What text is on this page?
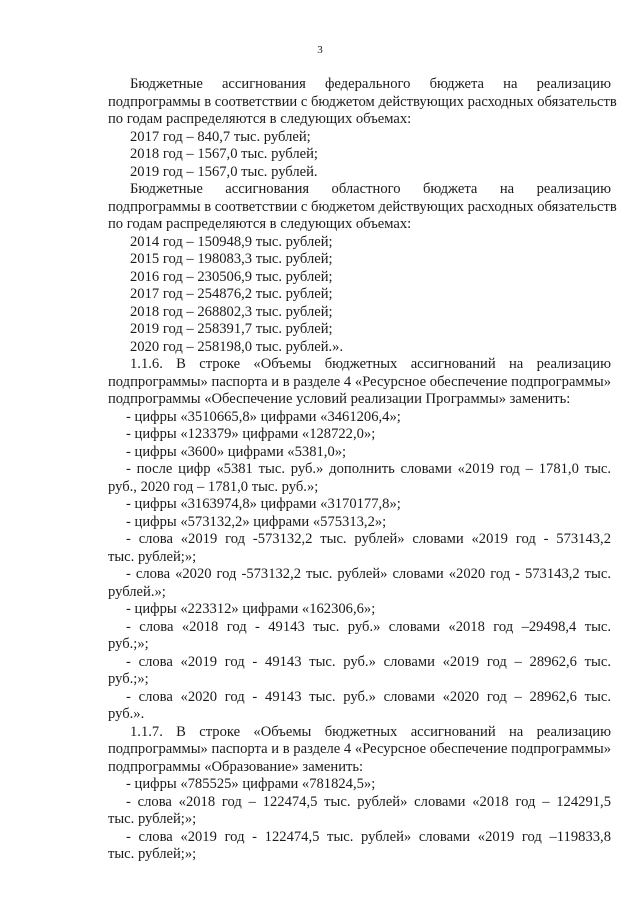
3

Бюджетные ассигнования федерального бюджета на реализацию

подпрограммы в соответствии с бюджетом действующих расходных обязательств

по годам распределяются в следующих объемах:

2017 год – 840,7 тыс. рублей;

2018 год – 1567,0 тыс. рублей;

2019 год – 1567,0 тыс. рублей.

Бюджетные ассигнования областного бюджета на реализацию

подпрограммы в соответствии с бюджетом действующих расходных обязательств

по годам распределяются в следующих объемах:

2014 год – 150948,9 тыс. рублей;

2015 год – 198083,3 тыс. рублей;

2016 год – 230506,9 тыс. рублей;

2017 год – 254876,2 тыс. рублей;

2018 год – 268802,3 тыс. рублей;

2019 год – 258391,7 тыс. рублей;

2020 год – 258198,0 тыс. рублей.».

1.1.6. В строке «Объемы бюджетных ассигнований на реализацию

подпрограммы» паспорта и в разделе 4 «Ресурсное обеспечение подпрограммы»

подпрограммы «Обеспечение условий реализации Программы» заменить:

- цифры «3510665,8» цифрами «3461206,4»;

- цифры «123379» цифрами «128722,0»;

- цифры «3600» цифрами «5381,0»;

- после цифр «5381 тыс. руб.» дополнить словами «2019 год – 1781,0 тыс.

руб., 2020 год – 1781,0 тыс. руб.»;

- цифры «3163974,8» цифрами «3170177,8»;

- цифры «573132,2» цифрами «575313,2»;

- слова «2019 год -573132,2 тыс. рублей» словами «2019 год - 573143,2

тыс. рублей;»;

- слова «2020 год -573132,2 тыс. рублей» словами «2020 год - 573143,2 тыс.

рублей.»;

- цифры «223312» цифрами «162306,6»;

- слова «2018 год - 49143 тыс. руб.» словами «2018 год –29498,4 тыс.

руб.;»;

- слова «2019 год - 49143 тыс. руб.» словами «2019 год – 28962,6 тыс.

руб.;»;

- слова «2020 год - 49143 тыс. руб.» словами «2020 год – 28962,6 тыс.

руб.».

1.1.7. В строке «Объемы бюджетных ассигнований на реализацию

подпрограммы» паспорта и в разделе 4 «Ресурсное обеспечение подпрограммы»

подпрограммы «Образование» заменить:

- цифры «785525» цифрами «781824,5»;

- слова «2018 год – 122474,5 тыс. рублей» словами «2018 год – 124291,5

тыс. рублей;»;

- слова «2019 год - 122474,5 тыс. рублей» словами «2019 год –119833,8

тыс. рублей;»;
